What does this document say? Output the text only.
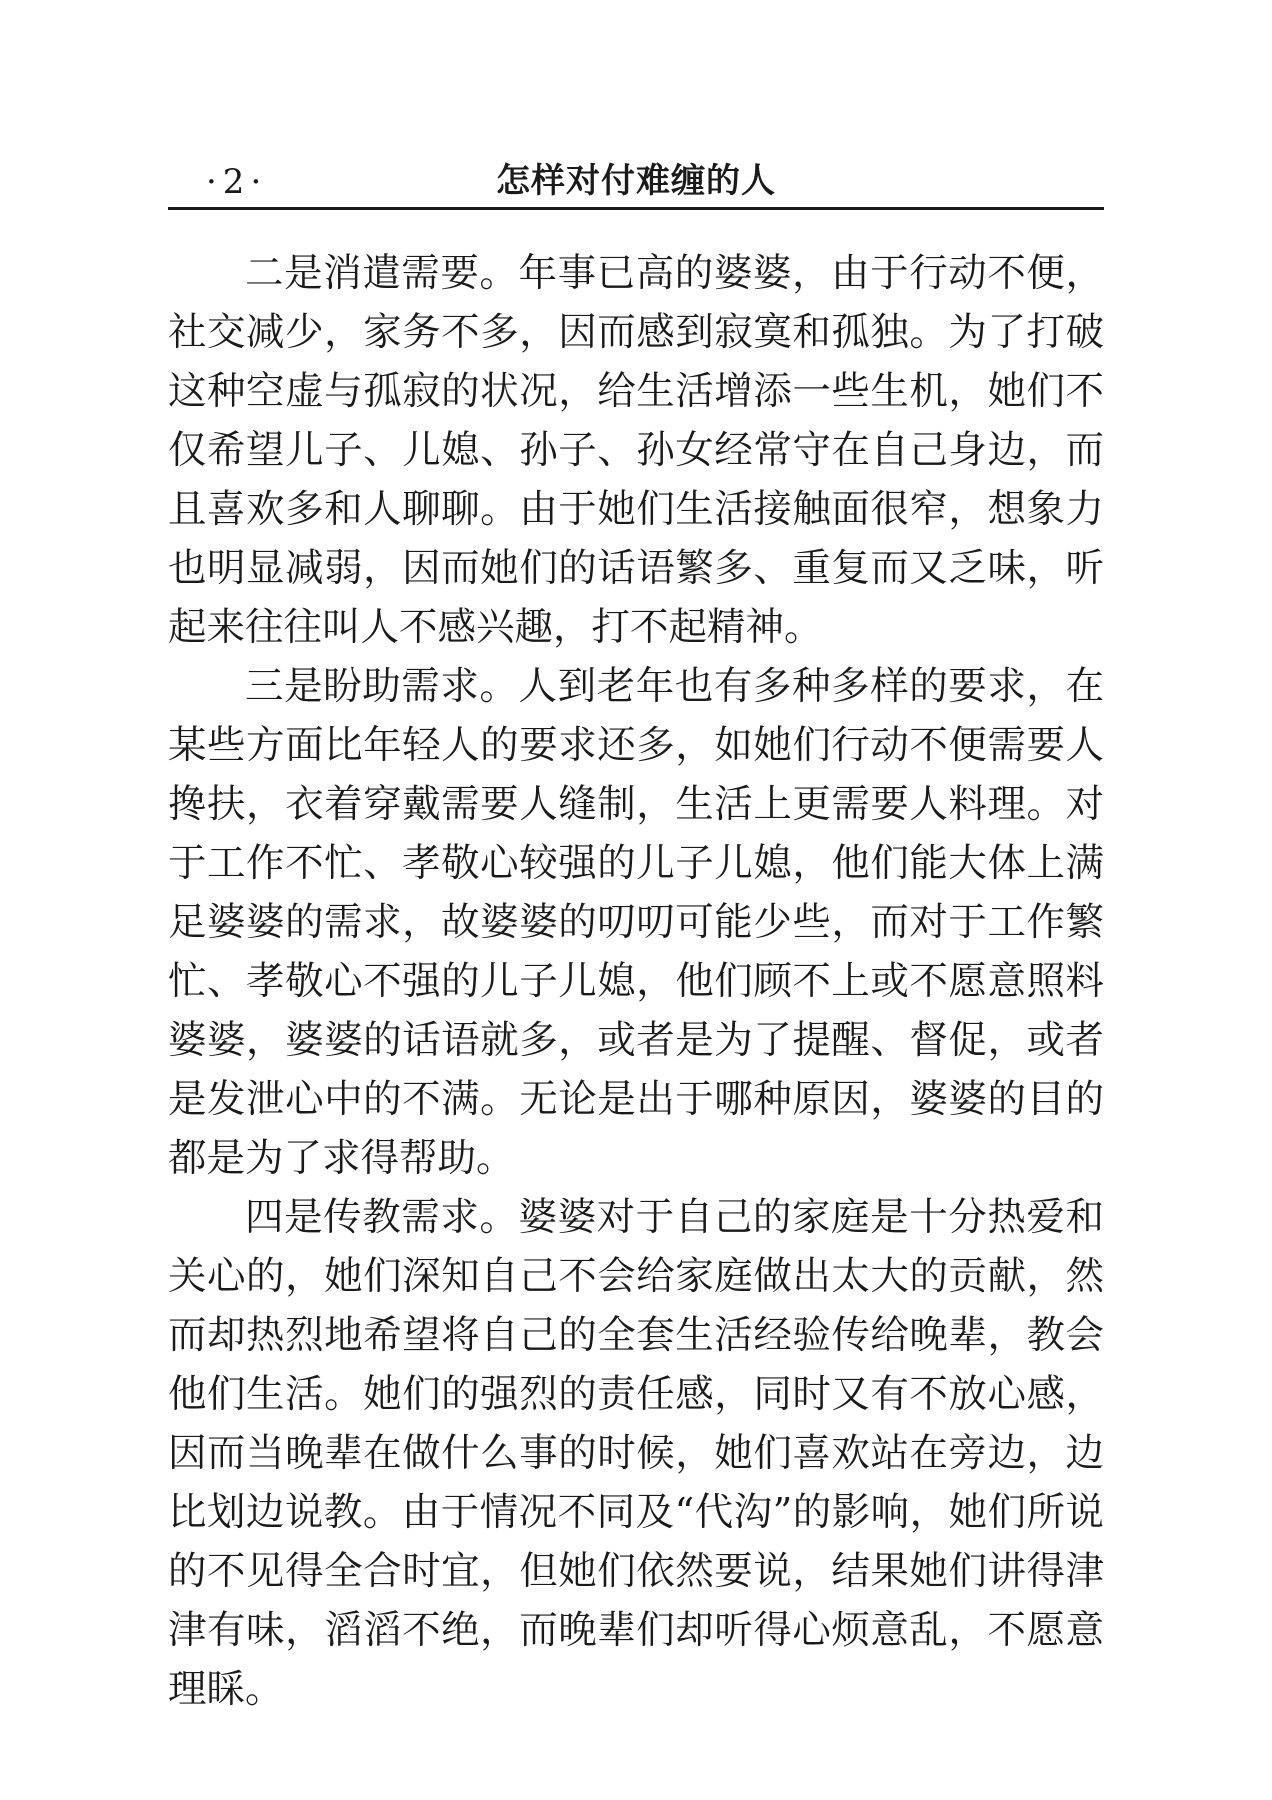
·2·	怎样对付难缠的人

二是消遣需要。年事已高的婆婆，由于行动不便，社交减少，家务不多，因而感到寂寞和孤独。为了打破这种空虚与孤寂的状况，给生活增添一些生机，她们不仅希望儿子、儿媳、孙子、孙女经常守在自己身边，而且喜欢多和人聊聊。由于她们生活接触面很窄，想象力也明显减弱，因而她们的话语繁多、重复而又乏味，听起来往往叫人不感兴趣，打不起精神。

三是盼助需求。人到老年也有多种多样的要求，在某些方面比年轻人的要求还多，如她们行动不便需要人搀扶，衣着穿戴需要人缝制，生活上更需要人料理。对于工作不忙、孝敬心较强的儿子儿媳，他们能大体上满足婆婆的需求，故婆婆的叨叨可能少些，而对于工作繁忙、孝敬心不强的儿子儿媳，他们顾不上或不愿意照料婆婆，婆婆的话语就多，或者是为了提醒、督促，或者是发泄心中的不满。无论是出于哪种原因，婆婆的目的都是为了求得帮助。

四是传教需求。婆婆对于自己的家庭是十分热爱和关心的，她们深知自己不会给家庭做出太大的贡献，然而却热烈地希望将自己的全套生活经验传给晚辈，教会他们生活。她们的强烈的责任感，同时又有不放心感，因而当晚辈在做什么事的时候，她们喜欢站在旁边，边比划边说教。由于情况不同及“代沟”的影响，她们所说的不见得全合时宜，但她们依然要说，结果她们讲得津津有味，滔滔不绝，而晚辈们却听得心烦意乱，不愿意理睬。
